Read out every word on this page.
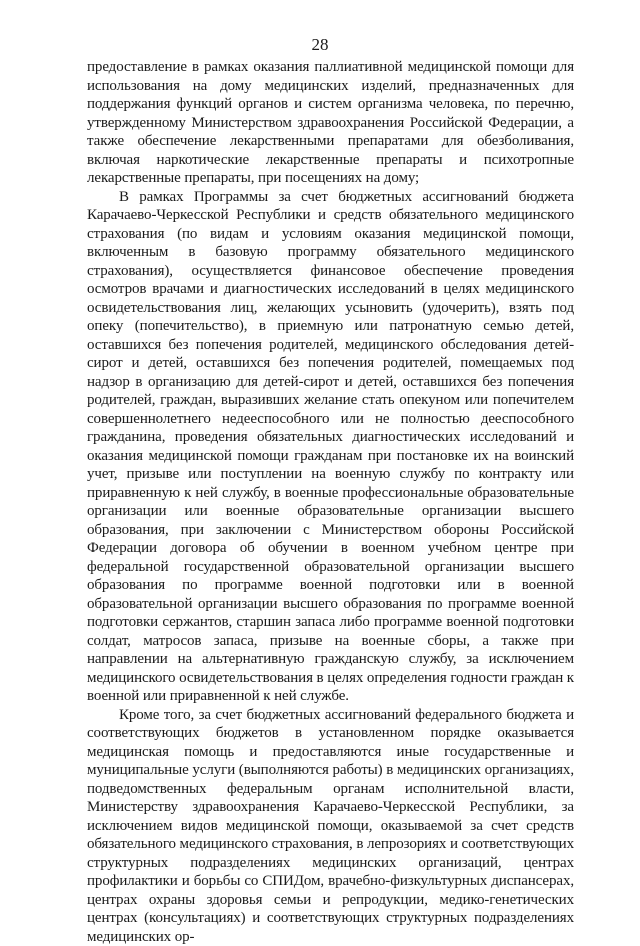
28

предоставление в рамках оказания паллиативной медицинской помощи для использования на дому медицинских изделий, предназначенных для поддержания функций органов и систем организма человека, по перечню, утвержденному Министерством здравоохранения Российской Федерации, а также обеспечение лекарственными препаратами для обезболивания, включая наркотические лекарственные препараты и психотропные лекарственные препараты, при посещениях на дому;

В рамках Программы за счет бюджетных ассигнований бюджета Карачаево-Черкесской Республики и средств обязательного медицинского страхования (по видам и условиям оказания медицинской помощи, включенным в базовую программу обязательного медицинского страхования), осуществляется финансовое обеспечение проведения осмотров врачами и диагностических исследований в целях медицинского освидетельствования лиц, желающих усыновить (удочерить), взять под опеку (попечительство), в приемную или патронатную семью детей, оставшихся без попечения родителей, медицинского обследования детей-сирот и детей, оставшихся без попечения родителей, помещаемых под надзор в организацию для детей-сирот и детей, оставшихся без попечения родителей, граждан, выразивших желание стать опекуном или попечителем совершеннолетнего недееспособного или не полностью дееспособного гражданина, проведения обязательных диагностических исследований и оказания медицинской помощи гражданам при постановке их на воинский учет, призыве или поступлении на военную службу по контракту или приравненную к ней службу, в военные профессиональные образовательные организации или военные образовательные организации высшего образования, при заключении с Министерством обороны Российской Федерации договора об обучении в военном учебном центре при федеральной государственной образовательной организации высшего образования по программе военной подготовки или в военной образовательной организации высшего образования по программе военной подготовки сержантов, старшин запаса либо программе военной подготовки солдат, матросов запаса, призыве на военные сборы, а также при направлении на альтернативную гражданскую службу, за исключением медицинского освидетельствования в целях определения годности граждан к военной или приравненной к ней службе.

Кроме того, за счет бюджетных ассигнований федерального бюджета и соответствующих бюджетов в установленном порядке оказывается медицинская помощь и предоставляются иные государственные и муниципальные услуги (выполняются работы) в медицинских организациях, подведомственных федеральным органам исполнительной власти, Министерству здравоохранения Карачаево-Черкесской Республики, за исключением видов медицинской помощи, оказываемой за счет средств обязательного медицинского страхования, в лепрозориях и соответствующих структурных подразделениях медицинских организаций, центрах профилактики и борьбы со СПИДом, врачебно-физкультурных диспансерах, центрах охраны здоровья семьи и репродукции, медико-генетических центрах (консультациях) и соответствующих структурных подразделениях медицинских ор-
